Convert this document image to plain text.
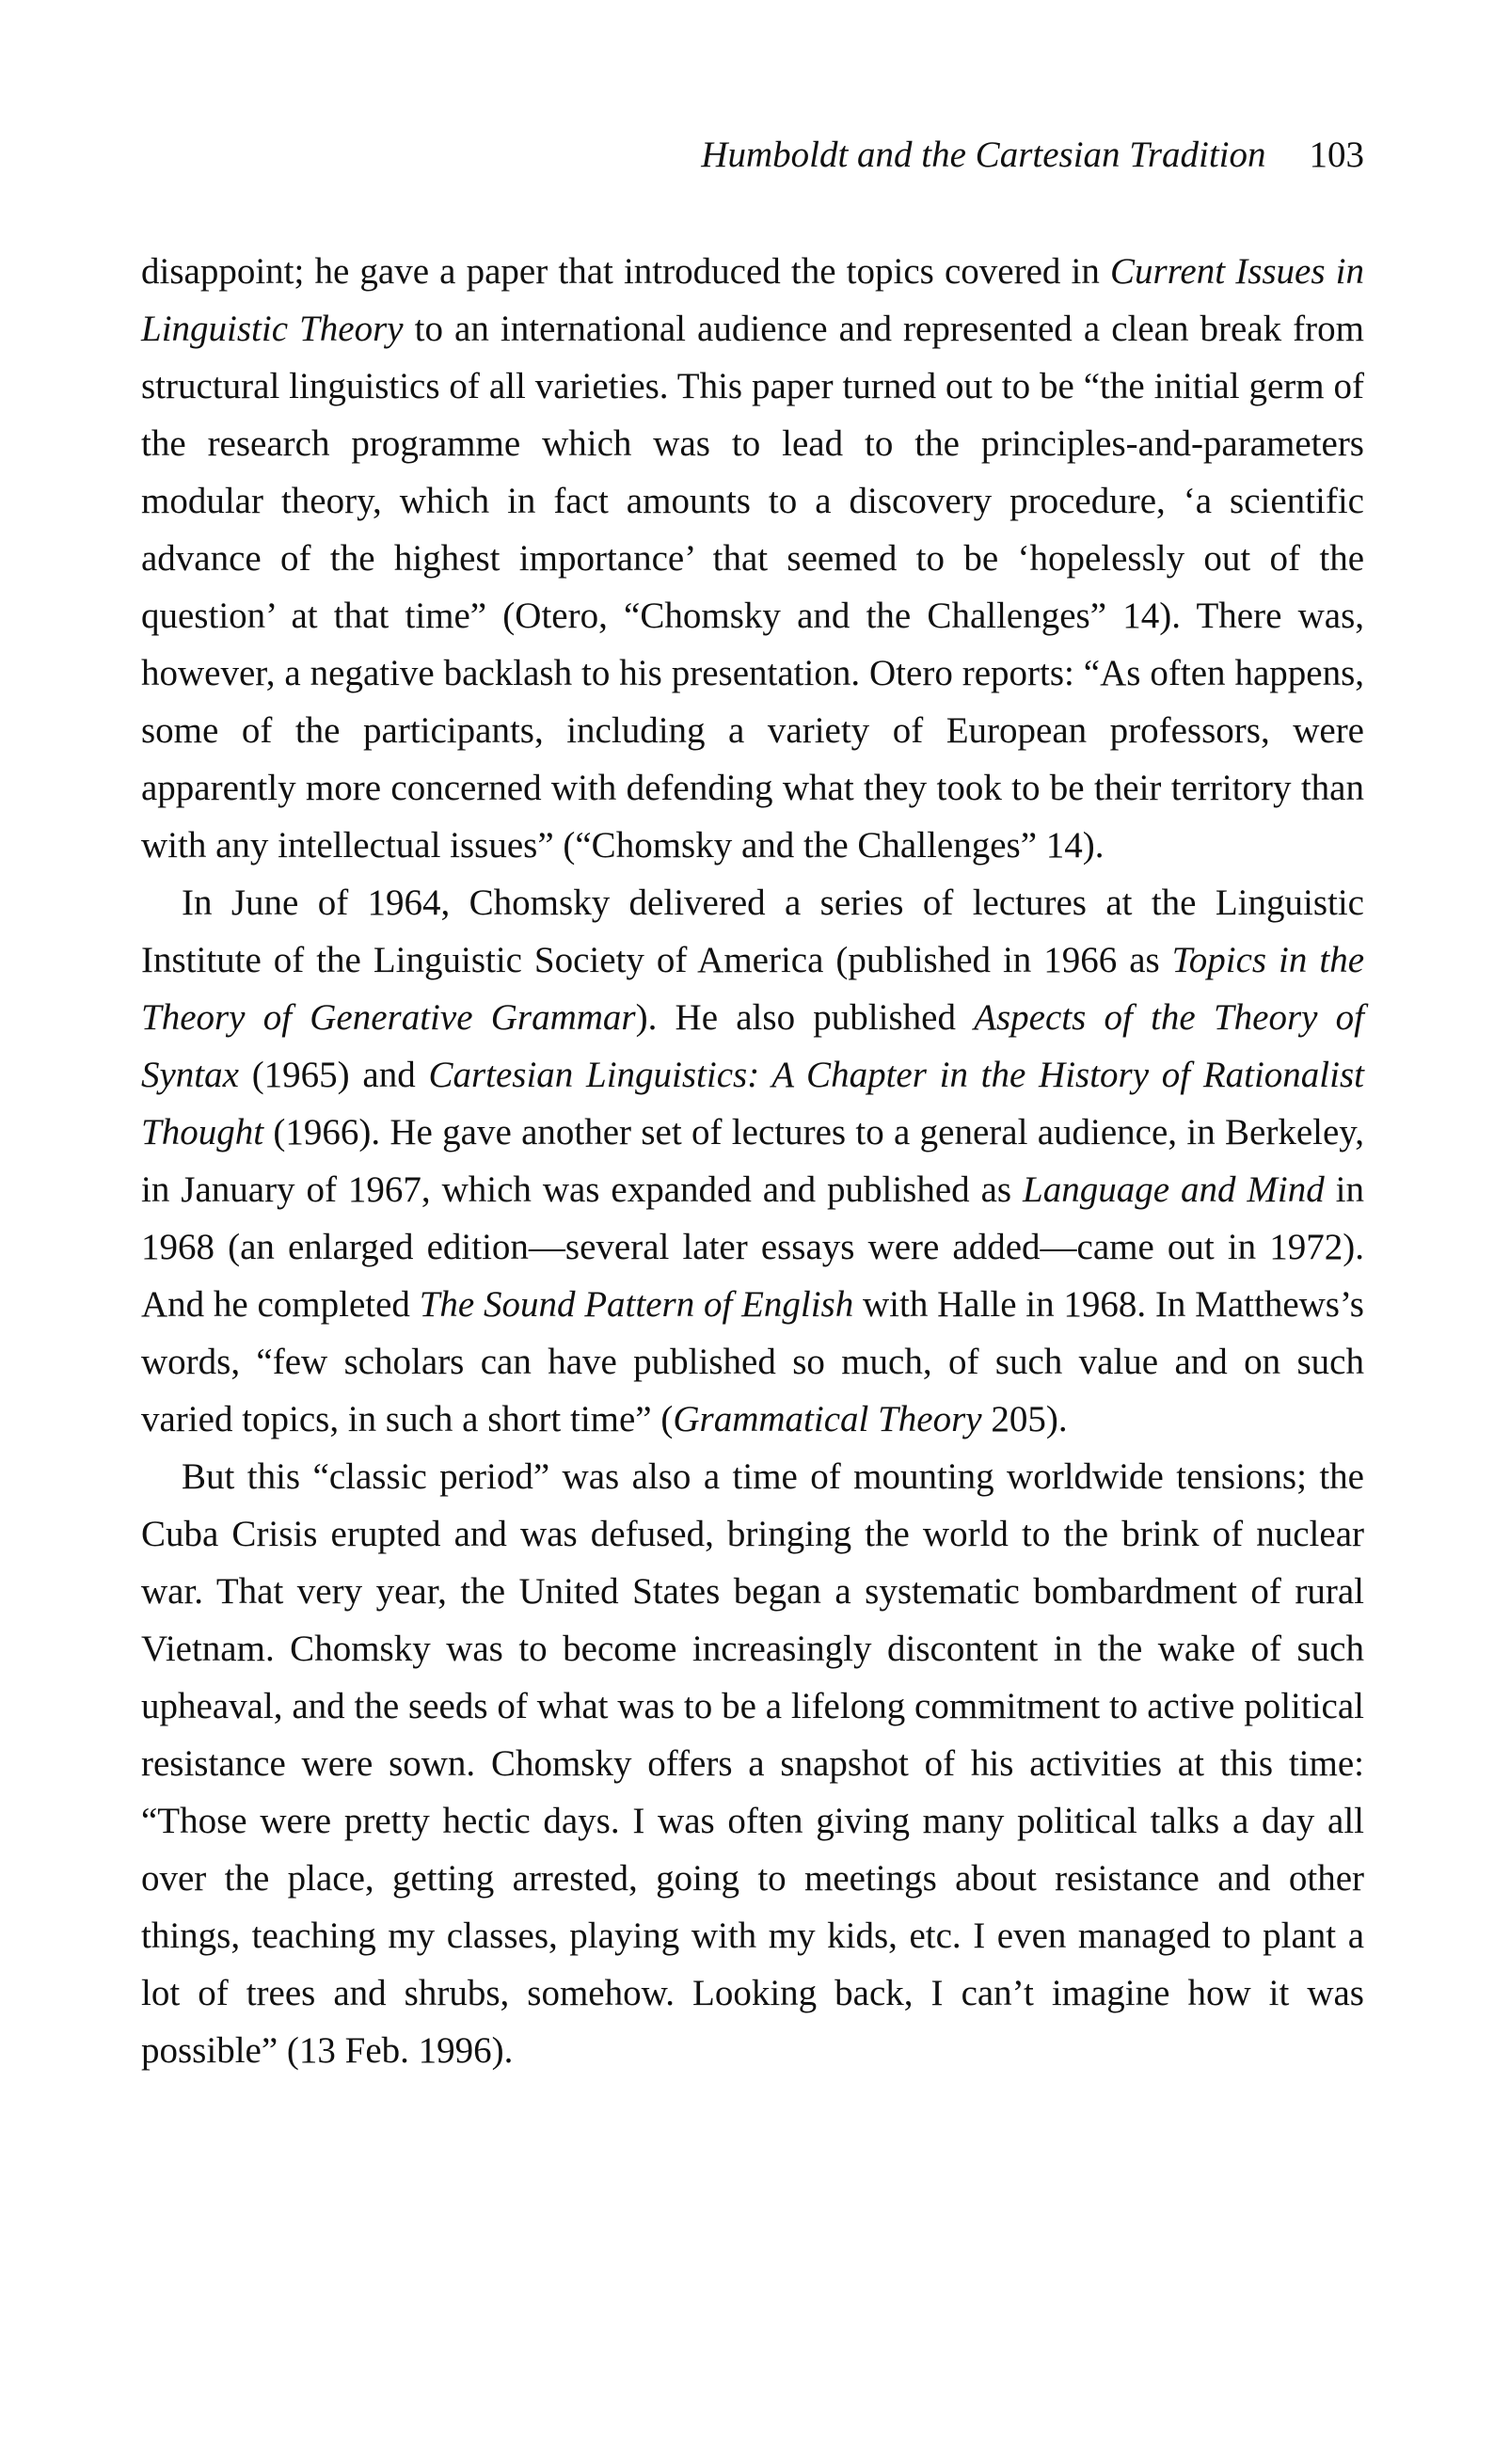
Humboldt and the Cartesian Tradition 103

disappoint; he gave a paper that introduced the topics covered in Current Issues in Linguistic Theory to an international audience and represented a clean break from structural linguistics of all varieties. This paper turned out to be “the initial germ of the research programme which was to lead to the principles-and-parameters modular theory, which in fact amounts to a discovery procedure, ‘a scientific advance of the highest importance’ that seemed to be ‘hopelessly out of the question’ at that time” (Otero, “Chomsky and the Challenges” 14). There was, however, a negative backlash to his presentation. Otero reports: “As often happens, some of the participants, including a variety of European professors, were apparently more concerned with defending what they took to be their territory than with any intellectual issues” (“Chomsky and the Challenges” 14).

In June of 1964, Chomsky delivered a series of lectures at the Linguistic Institute of the Linguistic Society of America (published in 1966 as Topics in the Theory of Generative Grammar). He also published Aspects of the Theory of Syntax (1965) and Cartesian Linguistics: A Chapter in the History of Rationalist Thought (1966). He gave another set of lectures to a general audience, in Berkeley, in January of 1967, which was expanded and published as Language and Mind in 1968 (an enlarged edition—several later essays were added—came out in 1972). And he completed The Sound Pattern of English with Halle in 1968. In Matthews’s words, “few scholars can have published so much, of such value and on such varied topics, in such a short time” (Grammatical Theory 205).

But this “classic period” was also a time of mounting worldwide tensions; the Cuba Crisis erupted and was defused, bringing the world to the brink of nuclear war. That very year, the United States began a systematic bombardment of rural Vietnam. Chomsky was to become increasingly discontent in the wake of such upheaval, and the seeds of what was to be a lifelong commitment to active political resistance were sown. Chomsky offers a snapshot of his activities at this time: “Those were pretty hectic days. I was often giving many political talks a day all over the place, getting arrested, going to meetings about resistance and other things, teaching my classes, playing with my kids, etc. I even managed to plant a lot of trees and shrubs, somehow. Looking back, I can’t imagine how it was possible” (13 Feb. 1996).
